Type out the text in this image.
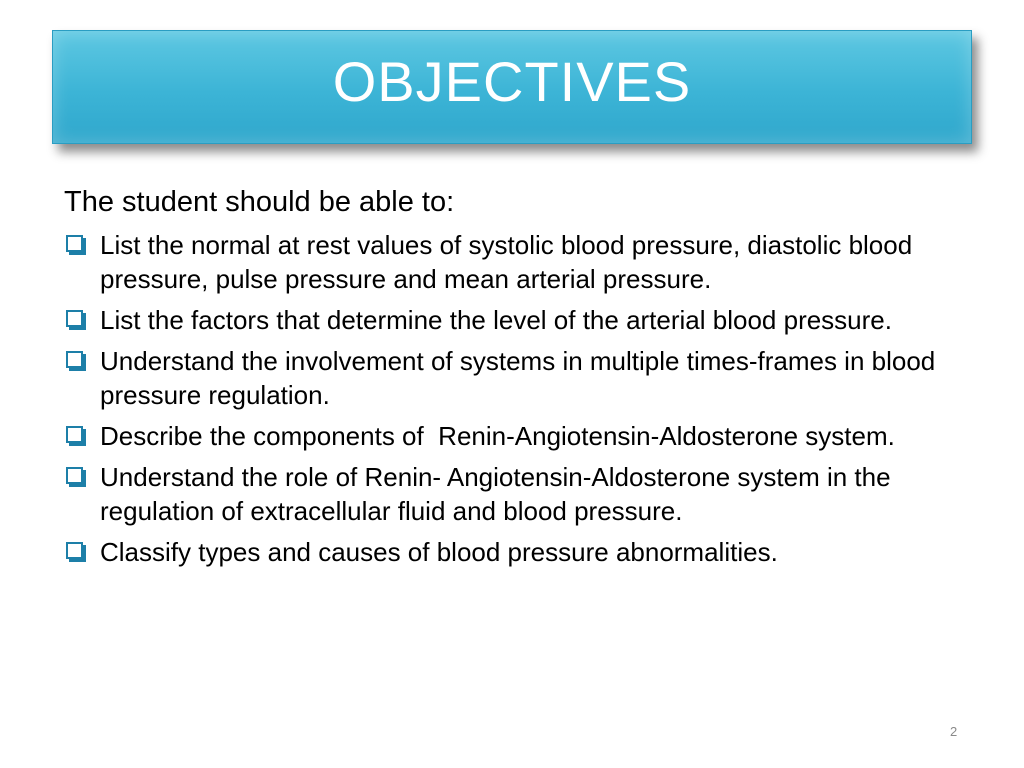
OBJECTIVES
The student should be able to:
List the normal at rest values of systolic blood pressure, diastolic blood pressure, pulse pressure and mean arterial pressure.
List the factors that determine the level of the arterial blood pressure.
Understand the involvement of systems in multiple times-frames in blood pressure regulation.
Describe the components of  Renin-Angiotensin-Aldosterone system.
Understand the role of Renin- Angiotensin-Aldosterone system in the regulation of extracellular fluid and blood pressure.
Classify types and causes of blood pressure abnormalities.
2
